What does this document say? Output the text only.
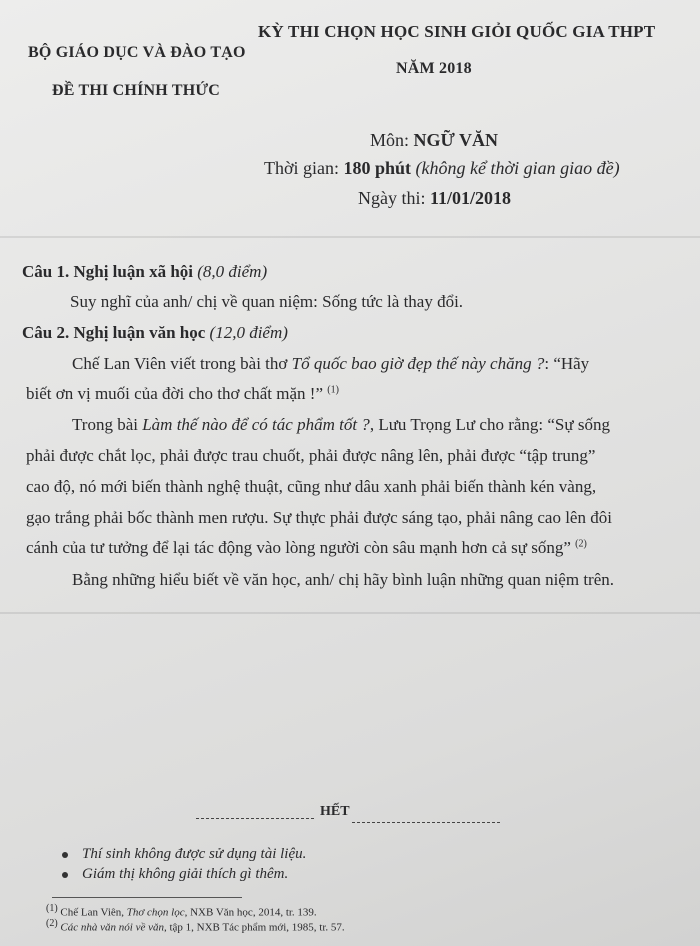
BỘ GIÁO DỤC VÀ ĐÀO TẠO
ĐỀ THI CHÍNH THỨC
KỲ THI CHỌN HỌC SINH GIỎI QUỐC GIA THPT
NĂM 2018
Môn: NGỮ VĂN
Thời gian: 180 phút (không kể thời gian giao đề)
Ngày thi: 11/01/2018
Câu 1. Nghị luận xã hội (8,0 điểm)
Suy nghĩ của anh/ chị về quan niệm: Sống tức là thay đổi.
Câu 2. Nghị luận văn học (12,0 điểm)
Chế Lan Viên viết trong bài thơ Tổ quốc bao giờ đẹp thế này chăng ?: “Hãy
biết ơn vị muối của đời cho thơ chất mặn !” $^{(1)}$
Trong bài Làm thế nào để có tác phẩm tốt ?, Lưu Trọng Lư cho rằng: “Sự sống
phải được chắt lọc, phải được trau chuốt, phải được nâng lên, phải được “tập trung”
cao độ, nó mới biến thành nghệ thuật, cũng như dâu xanh phải biến thành kén vàng,
gạo trắng phải bốc thành men rượu. Sự thực phải được sáng tạo, phải nâng cao lên đôi
cánh của tư tưởng để lại tác động vào lòng người còn sâu mạnh hơn cả sự sống” $^{(2)}$
Bằng những hiểu biết về văn học, anh/ chị hãy bình luận những quan niệm trên.
HẾT
Thí sinh không được sử dụng tài liệu.
Giám thị không giải thích gì thêm.
$^{(1)}$ Chế Lan Viên, Thơ chọn lọc, NXB Văn học, 2014, tr. 139.
$^{(2)}$ Các nhà văn nói về văn, tập 1, NXB Tác phẩm mới, 1985, tr. 57.
